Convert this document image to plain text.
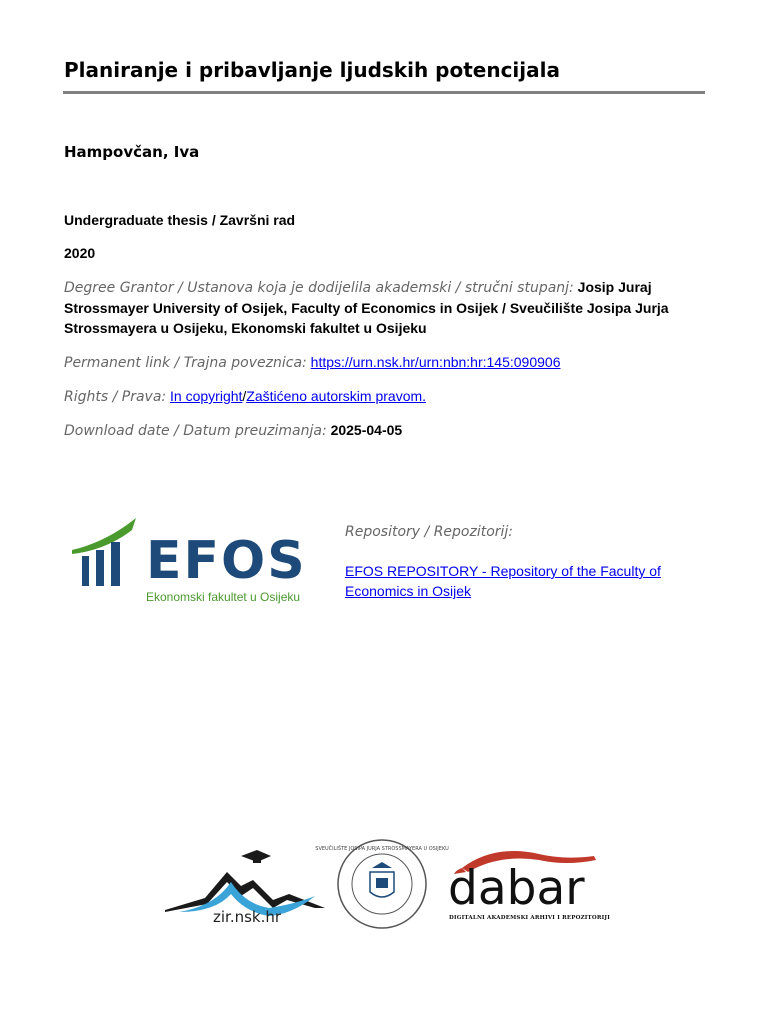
Planiranje i pribavljanje ljudskih potencijala
Hampovčan, Iva
Undergraduate thesis / Završni rad
2020
Degree Grantor / Ustanova koja je dodijelila akademski / stručni stupanj: Josip Juraj Strossmayer University of Osijek, Faculty of Economics in Osijek / Sveučilište Josipa Jurja Strossmayera u Osijeku, Ekonomski fakultet u Osijeku
Permanent link / Trajna poveznica: https://urn.nsk.hr/urn:nbn:hr:145:090906
Rights / Prava: In copyright/Zaštićeno autorskim pravom.
Download date / Datum preuzimanja: 2025-04-05
EFOS
Ekonomski fakultet u Osijeku
Repository / Repozitorij:
EFOS REPOSITORY - Repository of the Faculty of Economics in Osijek
zir.nsk.hr
SVEUČILIŠTE JOSIPA JURJA STROSSMAYERA U OSIJEKU
dabar
DIGITALNI AKADEMSKI ARHIVI I REPOZITORIJI
